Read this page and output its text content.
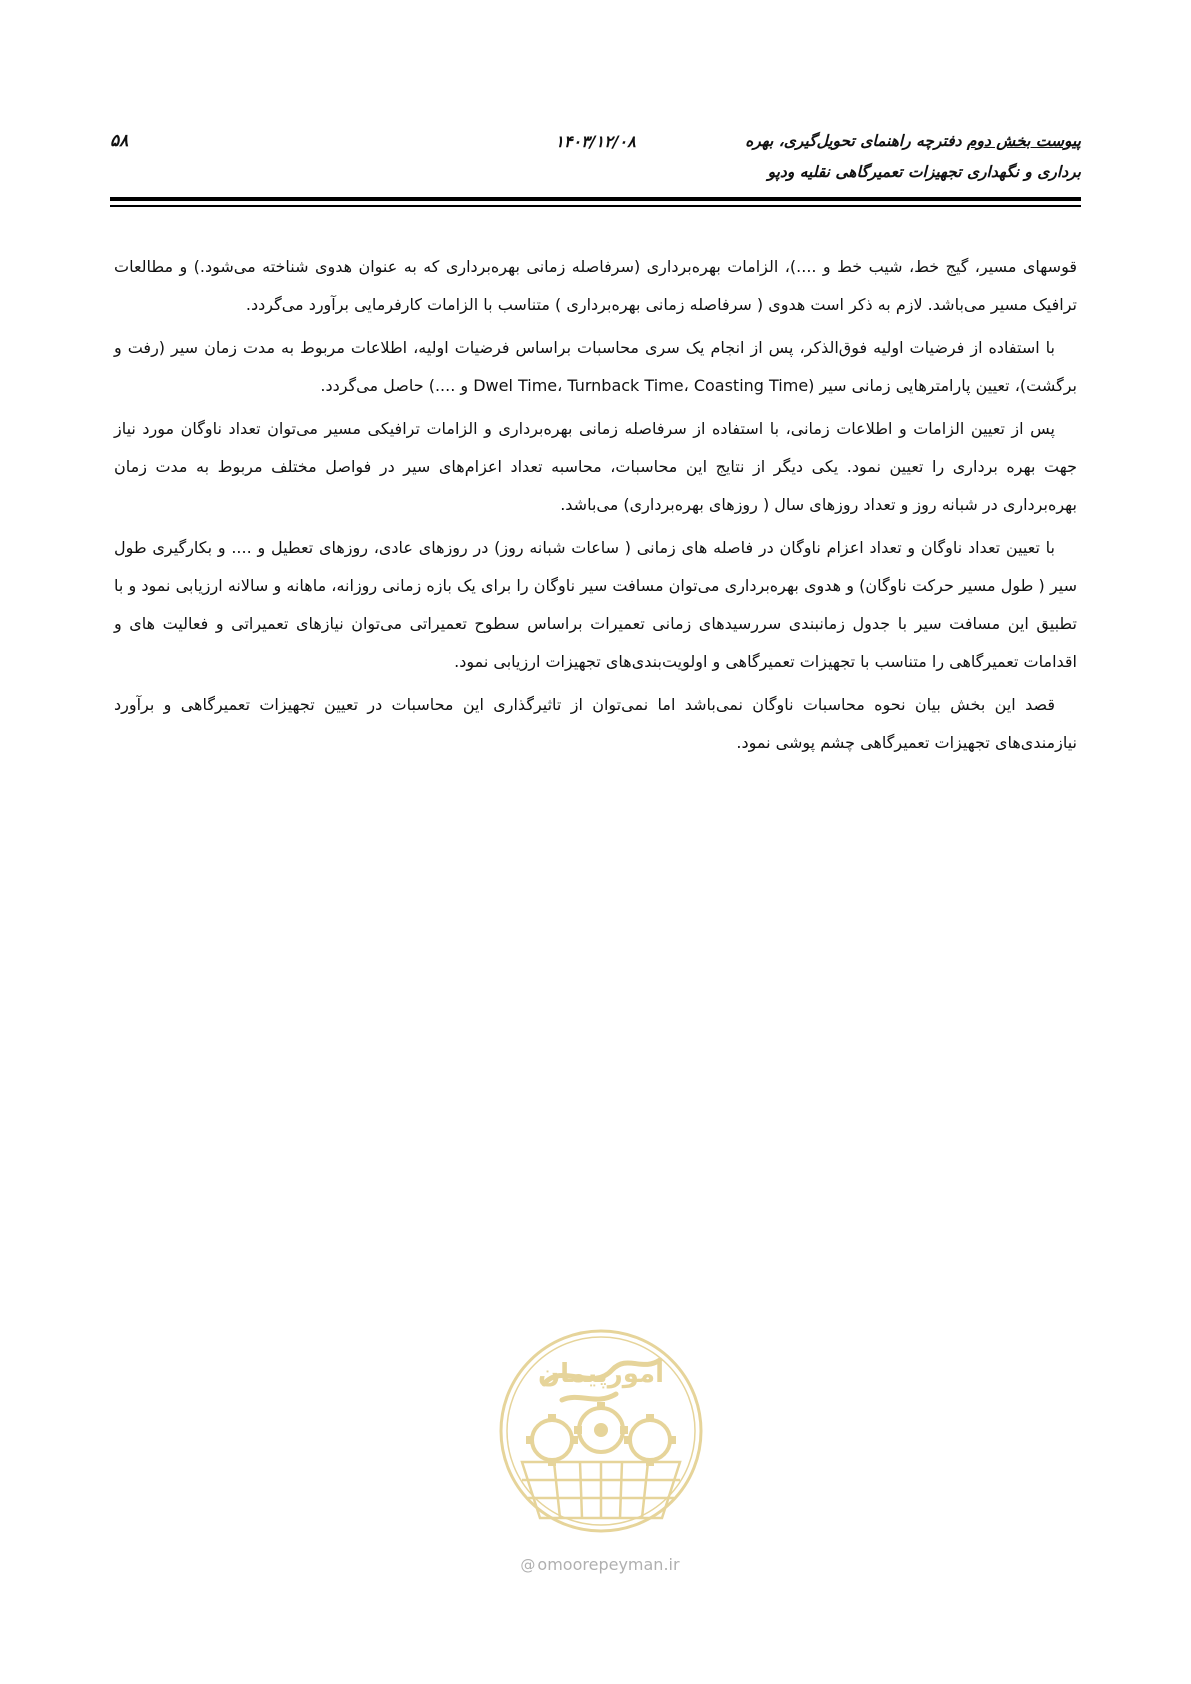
پیوست بخش دوم دفترچه راهنمای تحویل‌گیری، بهره
برداری و نگهداری تجهیزات تعمیرگاهی نقلیه ودپو
۱۴۰۳/۱۲/۰۸
۵۸

قوسهای مسیر، گیج خط، شیب خط و ....)، الزامات بهره‌برداری (سرفاصله زمانی بهره‌برداری که به عنوان هدوی شناخته می‌شود.) و مطالعات ترافیک مسیر می‌باشد. لازم به ذکر است هدوی ( سرفاصله زمانی بهره‌برداری ) متناسب با الزامات کارفرمایی برآورد می‌گردد.

با استفاده از فرضیات اولیه فوق‌الذکر، پس از انجام یک سری محاسبات براساس فرضیات اولیه، اطلاعات مربوط به مدت زمان سیر (رفت و برگشت)، تعیین پارامترهایی زمانی سیر (Dwel Time، Turnback Time، Coasting Time و ....) حاصل می‌گردد.

پس از تعیین الزامات و اطلاعات زمانی، با استفاده از سرفاصله زمانی بهره‌برداری و الزامات ترافیکی مسیر می‌توان تعداد ناوگان مورد نیاز جهت بهره برداری را تعیین نمود. یکی دیگر از نتایج این محاسبات، محاسبه تعداد اعزام‌های سیر در فواصل مختلف مربوط به مدت زمان بهره‌برداری در شبانه روز و تعداد روزهای سال ( روزهای بهره‌برداری) می‌باشد.

با تعیین تعداد ناوگان و تعداد اعزام ناوگان در فاصله های زمانی ( ساعات شبانه روز) در روزهای عادی، روزهای تعطیل و .... و بکارگیری طول سیر ( طول مسیر حرکت ناوگان) و هدوی بهره‌برداری می‌توان مسافت سیر ناوگان را برای یک بازه زمانی روزانه، ماهانه و سالانه ارزیابی نمود و با تطبیق این مسافت سیر با جدول زمانبندی سررسیدهای زمانی تعمیرات براساس سطوح تعمیراتی می‌توان نیازهای تعمیراتی و فعالیت های و اقدامات تعمیرگاهی را متناسب با تجهیزات تعمیرگاهی و اولویت‌بندی‌های تجهیزات ارزیابی نمود.

قصد این بخش بیان نحوه محاسبات ناوگان نمی‌باشد اما نمی‌توان از تاثیرگذاری این محاسبات در تعیین تجهیزات تعمیرگاهی و برآورد نیازمندی‌های تجهیزات تعمیرگاهی چشم پوشی نمود.

امورپیمان
@ omoorepeyman.ir
